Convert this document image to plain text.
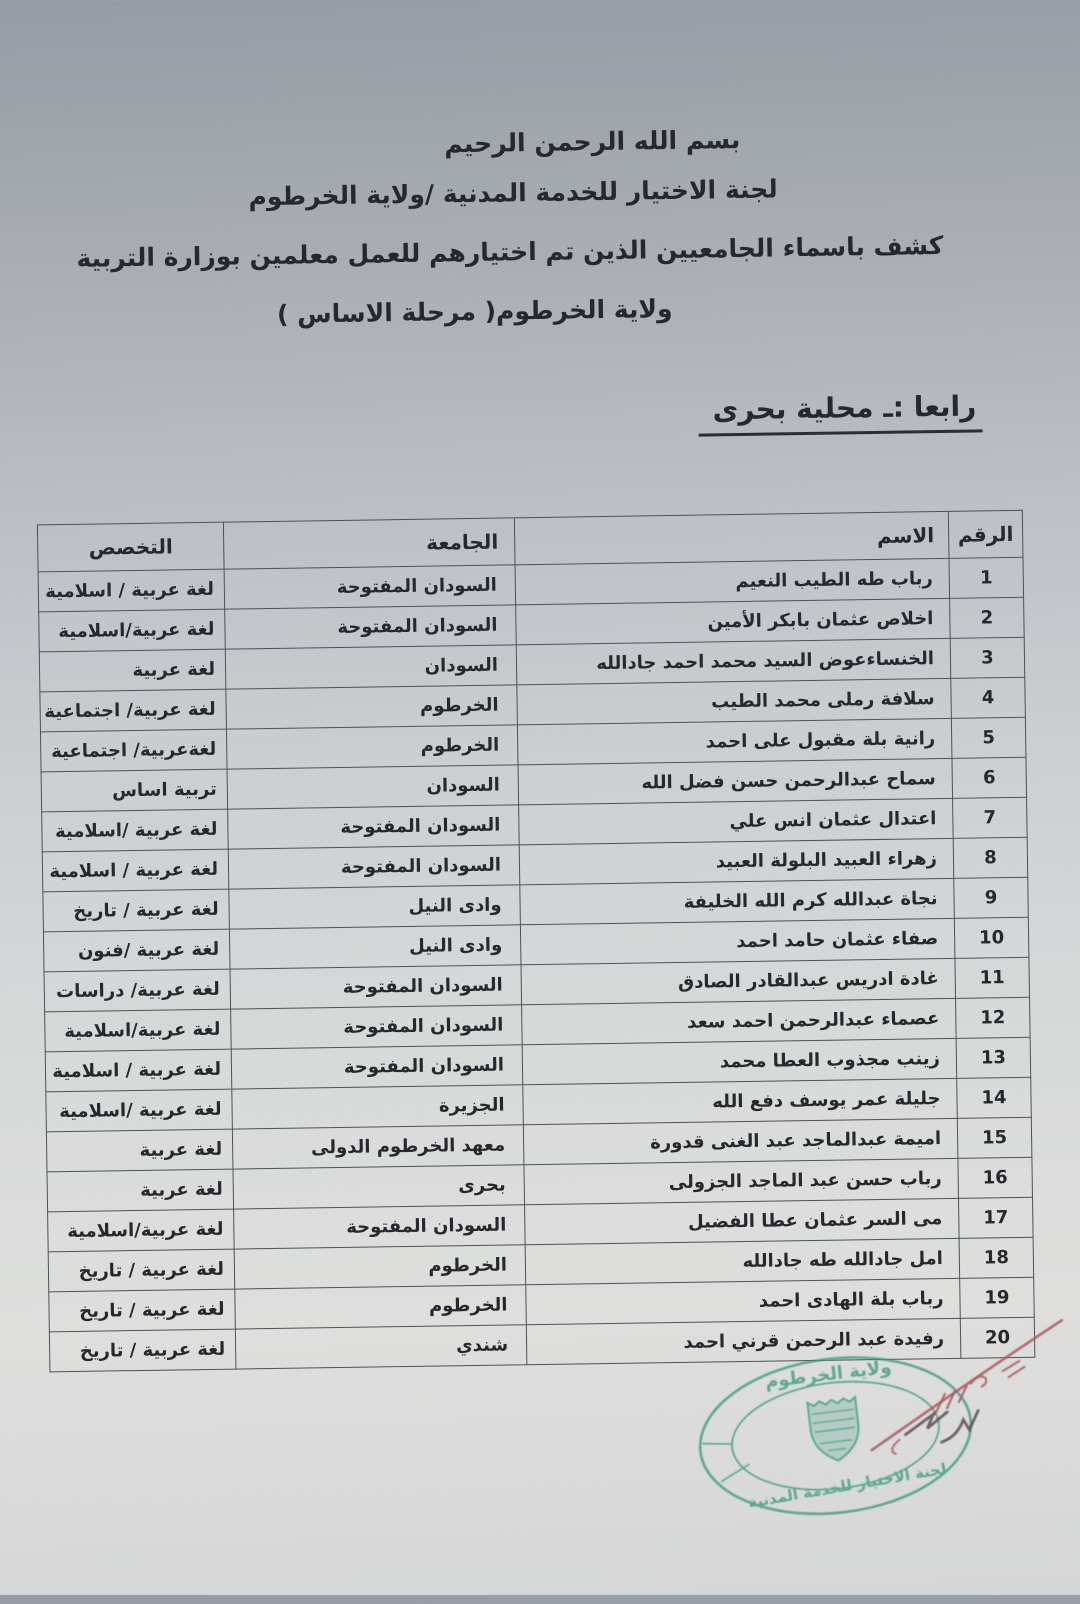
بسم الله الرحمن الرحيم
لجنة الاختيار للخدمة المدنية /ولاية الخرطوم
كشف باسماء الجامعيين الذين تم اختيارهم للعمل معلمين بوزارة التربية
ولاية الخرطوم( مرحلة الاساس )
رابعا :ـ محلية بحرى
الرقم	الاسم	الجامعة	التخصص
1	رباب طه الطيب النعيم	السودان المفتوحة	لغة عربية / اسلامية
2	اخلاص عثمان بابكر الأمين	السودان المفتوحة	لغة عربية/اسلامية
3	الخنساءعوض السيد محمد احمد جادالله	السودان	لغة عربية
4	سلافة رملى محمد الطيب	الخرطوم	لغة عربية/ اجتماعية
5	رانية بلة مقبول على احمد	الخرطوم	لغةعربية/ اجتماعية
6	سماح عبدالرحمن حسن فضل الله	السودان	تربية اساس
7	اعتدال عثمان انس علي	السودان المفتوحة	لغة عربية /اسلامية
8	زهراء العبيد البلولة العبيد	السودان المفتوحة	لغة عربية / اسلامية
9	نجاة عبدالله كرم الله الخليفة	وادى النيل	لغة عربية / تاريخ
10	صفاء عثمان حامد احمد	وادى النيل	لغة عربية /فنون
11	غادة ادريس عبدالقادر الصادق	السودان المفتوحة	لغة عربية/ دراسات
12	عصماء عبدالرحمن احمد سعد	السودان المفتوحة	لغة عربية/اسلامية
13	زينب مجذوب العطا محمد	السودان المفتوحة	لغة عربية / اسلامية
14	جليلة عمر يوسف دفع الله	الجزيرة	لغة عربية /اسلامية
15	اميمة عبدالماجد عبد الغنى قدورة	معهد الخرطوم الدولى	لغة عربية
16	رباب حسن عبد الماجد الجزولى	بحرى	لغة عربية
17	مى السر عثمان عطا الفضيل	السودان المفتوحة	لغة عربية/اسلامية
18	امل جادالله طه جادالله	الخرطوم	لغة عربية / تاريخ
19	رباب بلة الهادى احمد	الخرطوم	لغة عربية / تاريخ
20	رفيدة عبد الرحمن قرني احمد	شندي	لغة عربية / تاريخ
ولاية الخرطوم
لجنة الاختيار للخدمة المدنية
